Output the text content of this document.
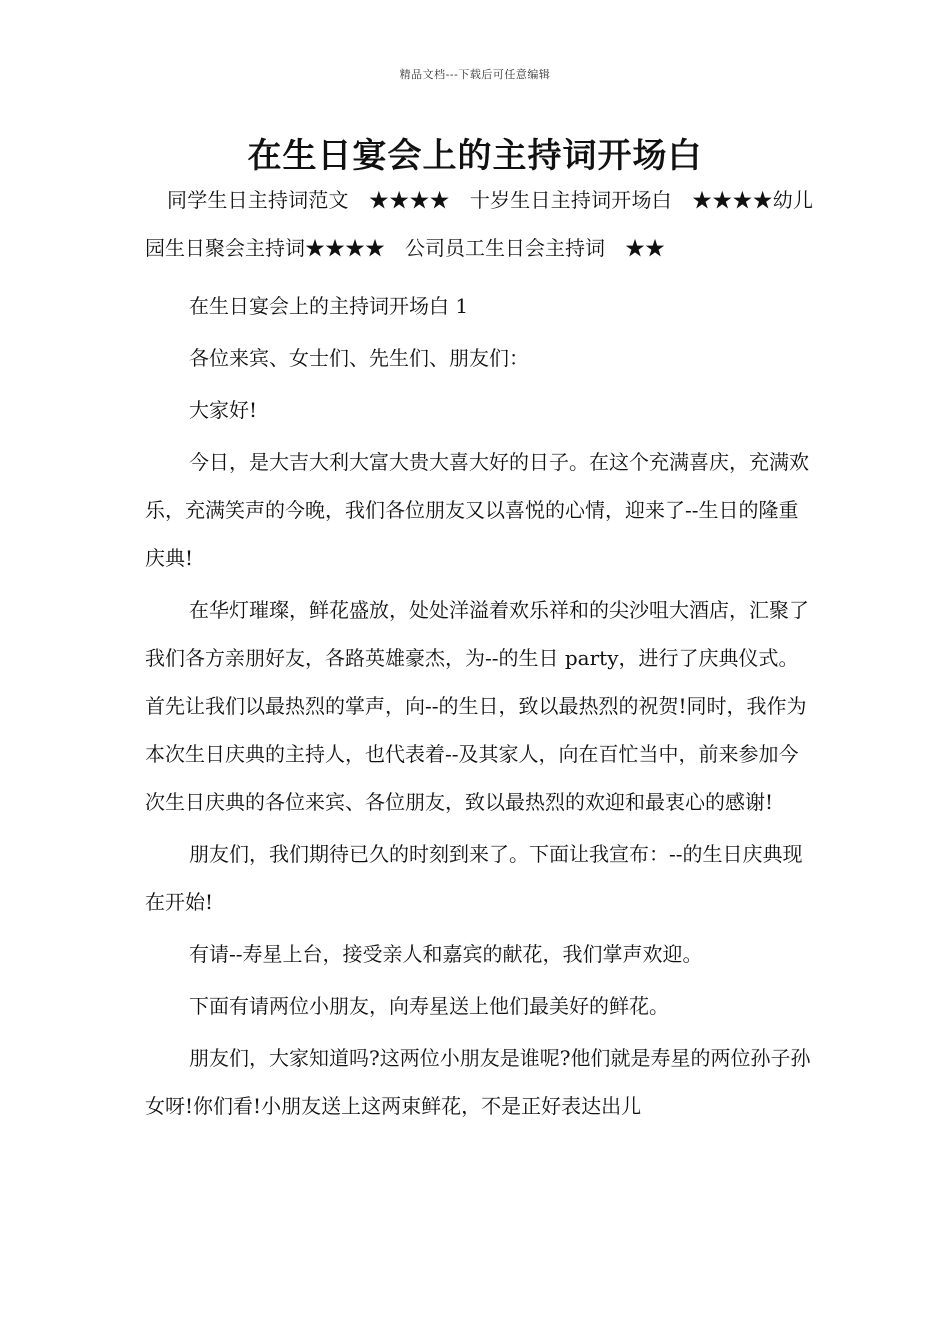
精品文档---下载后可任意编辑
在生日宴会上的主持词开场白

同学生日主持词范文　★★★★　十岁生日主持词开场白　★★★★幼儿园生日聚会主持词★★★★　公司员工生日会主持词　★★

在生日宴会上的主持词开场白 1

各位来宾、女士们、先生们、朋友们：

大家好!

今日，是大吉大利大富大贵大喜大好的日子。在这个充满喜庆，充满欢乐，充满笑声的今晚，我们各位朋友又以喜悦的心情，迎来了--生日的隆重庆典!

在华灯璀璨，鲜花盛放，处处洋溢着欢乐祥和的尖沙咀大酒店，汇聚了我们各方亲朋好友，各路英雄豪杰，为--的生日 party，进行了庆典仪式。首先让我们以最热烈的掌声，向--的生日，致以最热烈的祝贺!同时，我作为本次生日庆典的主持人，也代表着--及其家人，向在百忙当中，前来参加今次生日庆典的各位来宾、各位朋友，致以最热烈的欢迎和最衷心的感谢!

朋友们，我们期待已久的时刻到来了。下面让我宣布：--的生日庆典现在开始!

有请--寿星上台，接受亲人和嘉宾的献花，我们掌声欢迎。

下面有请两位小朋友，向寿星送上他们最美好的鲜花。

朋友们，大家知道吗?这两位小朋友是谁呢?他们就是寿星的两位孙子孙女呀!你们看!小朋友送上这两束鲜花，不是正好表达出儿
